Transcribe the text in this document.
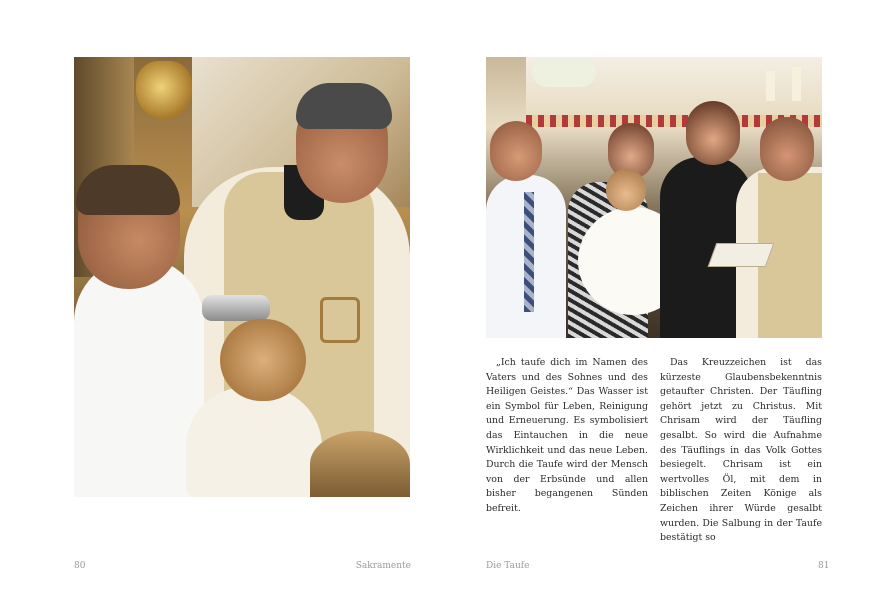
80	Sakramente

„Ich taufe dich im Namen des Vaters und des Sohnes und des Heiligen Geistes.“ Das Wasser ist ein Symbol für Leben, Reinigung und Erneuerung. Es symbolisiert das Eintauchen in die neue Wirklichkeit und das neue Leben. Durch die Taufe wird der Mensch von der Erbsünde und allen bisher begangenen Sünden befreit.

Das Kreuzzeichen ist das kürzeste Glaubensbekenntnis getaufter Christen. Der Täufling gehört jetzt zu Christus. Mit Chrisam wird der Täufling gesalbt. So wird die Aufnahme des Täuflings in das Volk Gottes besiegelt. Chrisam ist ein wertvolles Öl, mit dem in biblischen Zeiten Könige als Zeichen ihrer Würde gesalbt wurden. Die Salbung in der Taufe bestätigt so

Die Taufe	81
